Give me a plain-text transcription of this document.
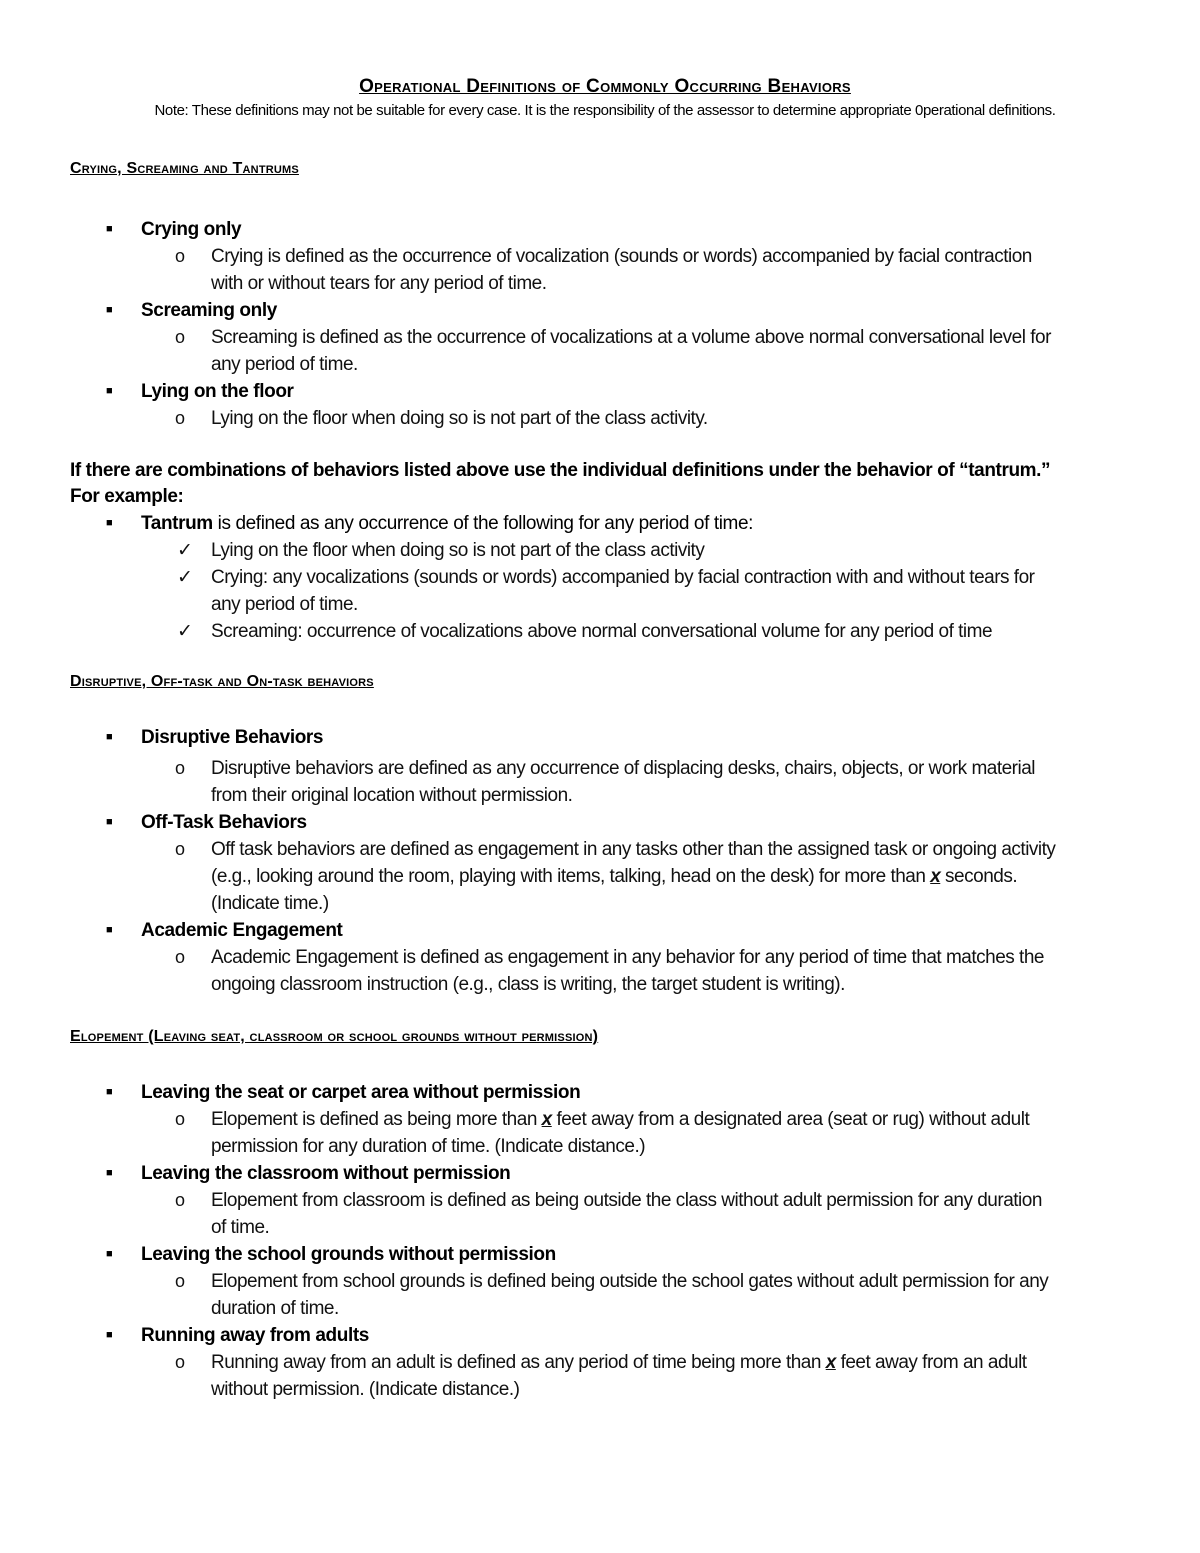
Operational Definitions of Commonly Occurring Behaviors

Note: These definitions may not be suitable for every case. It is the responsibility of the assessor to determine appropriate 0perational definitions.

Crying, Screaming and Tantrums
■ Crying only
o Crying is defined as the occurrence of vocalization (sounds or words) accompanied by facial contraction
with or without tears for any period of time.
■ Screaming only
o Screaming is defined as the occurrence of vocalizations at a volume above normal conversational level for
any period of time.
■ Lying on the floor
o Lying on the floor when doing so is not part of the class activity.

If there are combinations of behaviors listed above use the individual definitions under the behavior of “tantrum.”

For example:

■ Tantrum is defined as any occurrence of the following for any period of time:
✓ Lying on the floor when doing so is not part of the class activity
✓ Crying: any vocalizations (sounds or words) accompanied by facial contraction with and without tears for
any period of time.
✓ Screaming: occurrence of vocalizations above normal conversational volume for any period of time
Disruptive, Off-task and On-task behaviors
■ Disruptive Behaviors
o Disruptive behaviors are defined as any occurrence of displacing desks, chairs, objects, or work material
from their original location without permission.
■ Off-Task Behaviors
o Off task behaviors are defined as engagement in any tasks other than the assigned task or ongoing activity
(e.g., looking around the room, playing with items, talking, head on the desk) for more than x seconds.
(Indicate time.)
■ Academic Engagement
o Academic Engagement is defined as engagement in any behavior for any period of time that matches the
ongoing classroom instruction (e.g., class is writing, the target student is writing).
Elopement (Leaving seat, classroom or school grounds without permission)
■ Leaving the seat or carpet area without permission
o Elopement is defined as being more than x feet away from a designated area (seat or rug) without adult
permission for any duration of time. (Indicate distance.)
■ Leaving the classroom without permission
o Elopement from classroom is defined as being outside the class without adult permission for any duration
of time.
■ Leaving the school grounds without permission
o Elopement from school grounds is defined being outside the school gates without adult permission for any
duration of time.
■ Running away from adults
o Running away from an adult is defined as any period of time being more than x feet away from an adult
without permission. (Indicate distance.)
